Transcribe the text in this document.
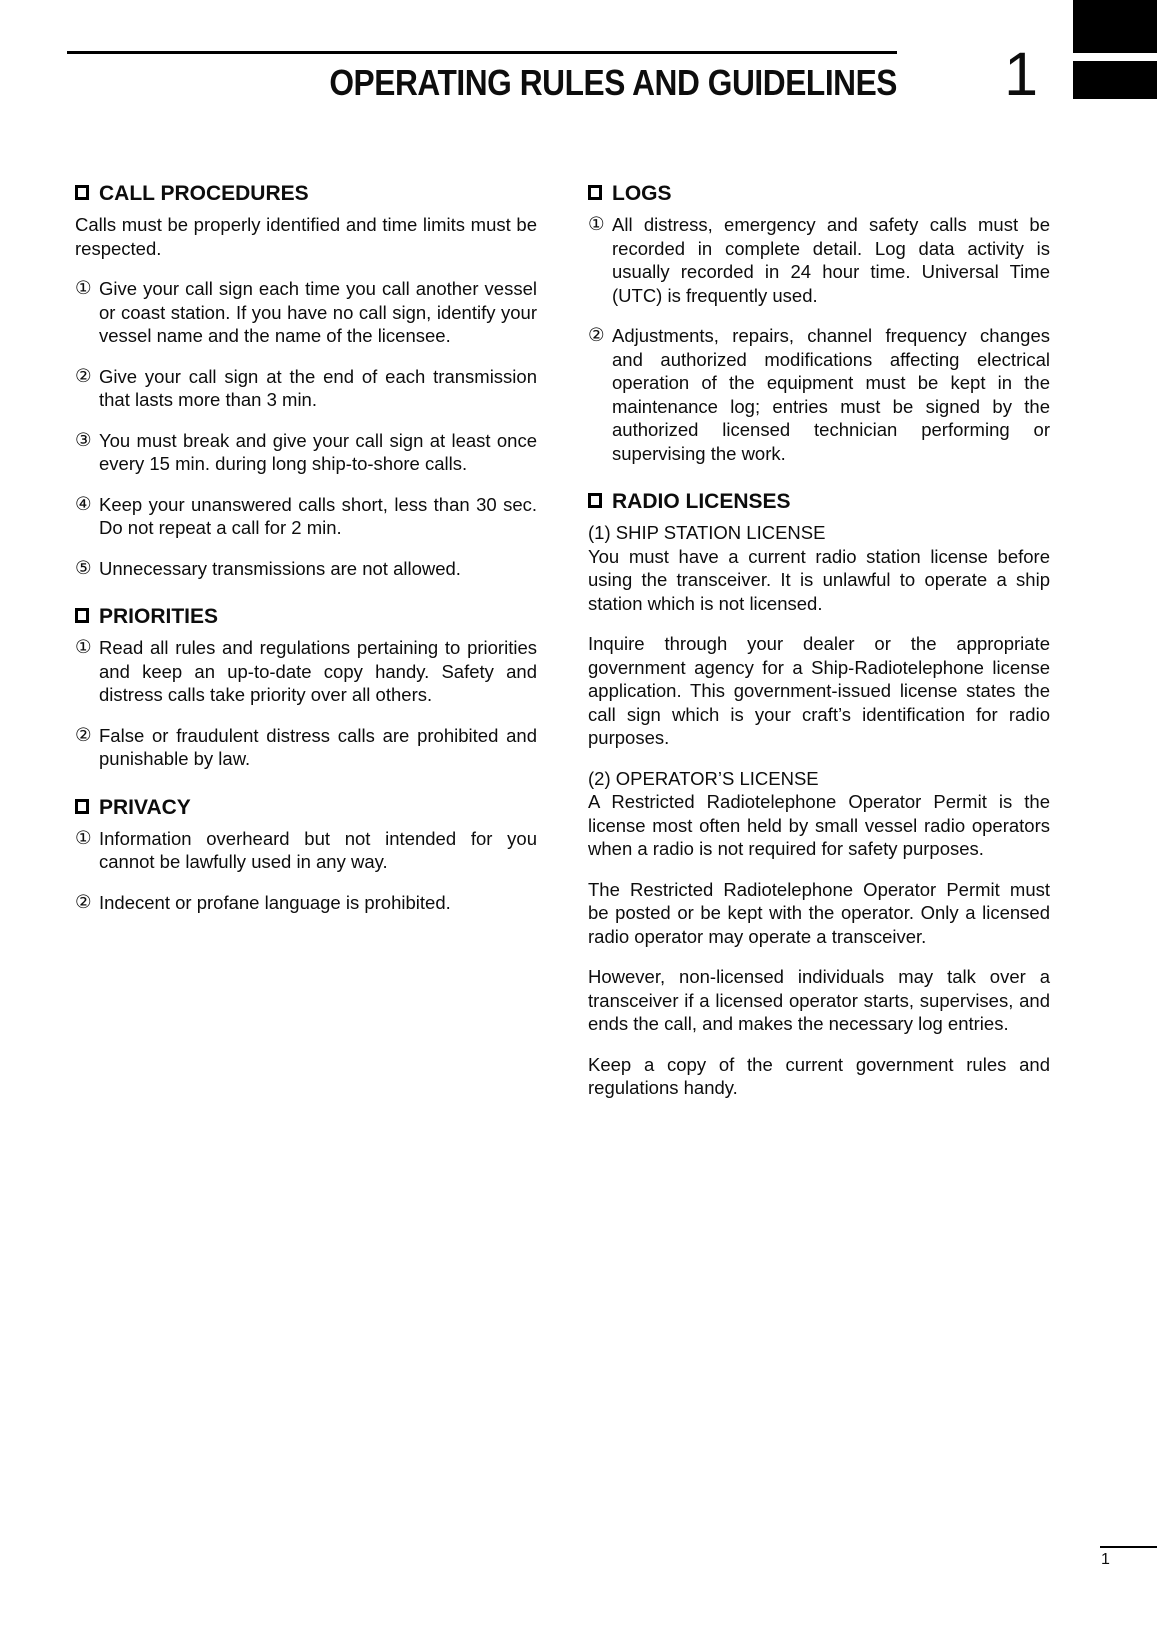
OPERATING RULES AND GUIDELINES	1
CALL PROCEDURES

Calls must be properly identified and time limits must be respected.

① Give your call sign each time you call another vessel or coast station. If you have no call sign, identify your vessel name and the name of the licensee.

② Give your call sign at the end of each transmission that lasts more than 3 min.

③ You must break and give your call sign at least once every 15 min. during long ship-to-shore calls.

④ Keep your unanswered calls short, less than 30 sec. Do not repeat a call for 2 min.

⑤ Unnecessary transmissions are not allowed.

PRIORITIES
① Read all rules and regulations pertaining to priorities and keep an up-to-date copy handy. Safety and distress calls take priority over all others.

② False or fraudulent distress calls are prohibited and punishable by law.

PRIVACY
① Information overheard but not intended for you cannot be lawfully used in any way.

② Indecent or profane language is prohibited.

LOGS
① All distress, emergency and safety calls must be recorded in complete detail. Log data activity is usually recorded in 24 hour time. Universal Time (UTC) is frequently used.

② Adjustments, repairs, channel frequency changes and authorized modifications affecting electrical operation of the equipment must be kept in the maintenance log; entries must be signed by the authorized licensed technician performing or supervising the work.

RADIO LICENSES

(1) SHIP STATION LICENSE

You must have a current radio station license before using the transceiver. It is unlawful to operate a ship station which is not licensed.

Inquire through your dealer or the appropriate government agency for a Ship-Radiotelephone license application. This government-issued license states the call sign which is your craft’s identification for radio purposes.

(2) OPERATOR’S LICENSE

A Restricted Radiotelephone Operator Permit is the license most often held by small vessel radio operators when a radio is not required for safety purposes.

The Restricted Radiotelephone Operator Permit must be posted or be kept with the operator. Only a licensed radio operator may operate a transceiver.

However, non-licensed individuals may talk over a transceiver if a licensed operator starts, supervises, and ends the call, and makes the necessary log entries.

Keep a copy of the current government rules and regulations handy.

1
